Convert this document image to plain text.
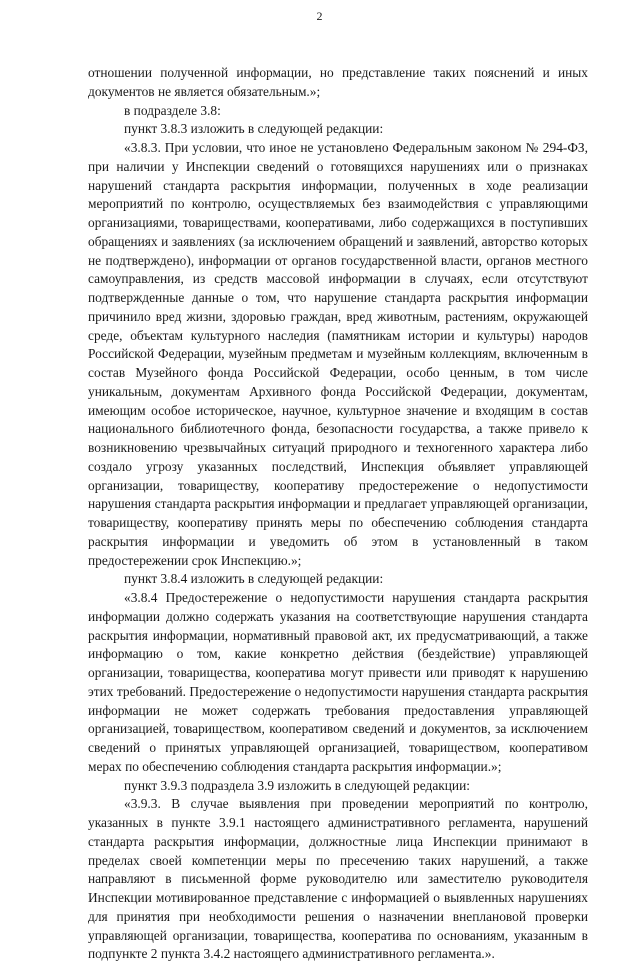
2

отношении полученной информации, но представление таких пояснений и иных документов не является обязательным.»;

в подразделе 3.8:

пункт 3.8.3 изложить в следующей редакции:

«3.8.3. При условии, что иное не установлено Федеральным законом № 294-ФЗ, при наличии у Инспекции сведений о готовящихся нарушениях или о признаках нарушений стандарта раскрытия информации, полученных в ходе реализации мероприятий по контролю, осуществляемых без взаимодействия с управляющими организациями, товариществами, кооперативами, либо содержащихся в поступивших обращениях и заявлениях (за исключением обращений и заявлений, авторство которых не подтверждено), информации от органов государственной власти, органов местного самоуправления, из средств массовой информации в случаях, если отсутствуют подтвержденные данные о том, что нарушение стандарта раскрытия информации причинило вред жизни, здоровью граждан, вред животным, растениям, окружающей среде, объектам культурного наследия (памятникам истории и культуры) народов Российской Федерации, музейным предметам и музейным коллекциям, включенным в состав Музейного фонда Российской Федерации, особо ценным, в том числе уникальным, документам Архивного фонда Российской Федерации, документам, имеющим особое историческое, научное, культурное значение и входящим в состав национального библиотечного фонда, безопасности государства, а также привело к возникновению чрезвычайных ситуаций природного и техногенного характера либо создало угрозу указанных последствий, Инспекция объявляет управляющей организации, товариществу, кооперативу предостережение о недопустимости нарушения стандарта раскрытия информации и предлагает управляющей организации, товариществу, кооперативу принять меры по обеспечению соблюдения стандарта раскрытия информации и уведомить об этом в установленный в таком предостережении срок Инспекцию.»;

пункт 3.8.4 изложить в следующей редакции:

«3.8.4 Предостережение о недопустимости нарушения стандарта раскрытия информации должно содержать указания на соответствующие нарушения стандарта раскрытия информации, нормативный правовой акт, их предусматривающий, а также информацию о том, какие конкретно действия (бездействие) управляющей организации, товарищества, кооператива могут привести или приводят к нарушению этих требований. Предостережение о недопустимости нарушения стандарта раскрытия информации не может содержать требования предоставления управляющей организацией, товариществом, кооперативом сведений и документов, за исключением сведений о принятых управляющей организацией, товариществом, кооперативом мерах по обеспечению соблюдения стандарта раскрытия информации.»;

пункт 3.9.3 подраздела 3.9 изложить в следующей редакции:

«3.9.3. В случае выявления при проведении мероприятий по контролю, указанных в пункте 3.9.1 настоящего административного регламента, нарушений стандарта раскрытия информации, должностные лица Инспекции принимают в пределах своей компетенции меры по пресечению таких нарушений, а также направляют в письменной форме руководителю или заместителю руководителя Инспекции мотивированное представление с информацией о выявленных нарушениях для принятия при необходимости решения о назначении внеплановой проверки управляющей организации, товарищества, кооператива по основаниям, указанным в подпункте 2 пункта 3.4.2 настоящего административного регламента.».
